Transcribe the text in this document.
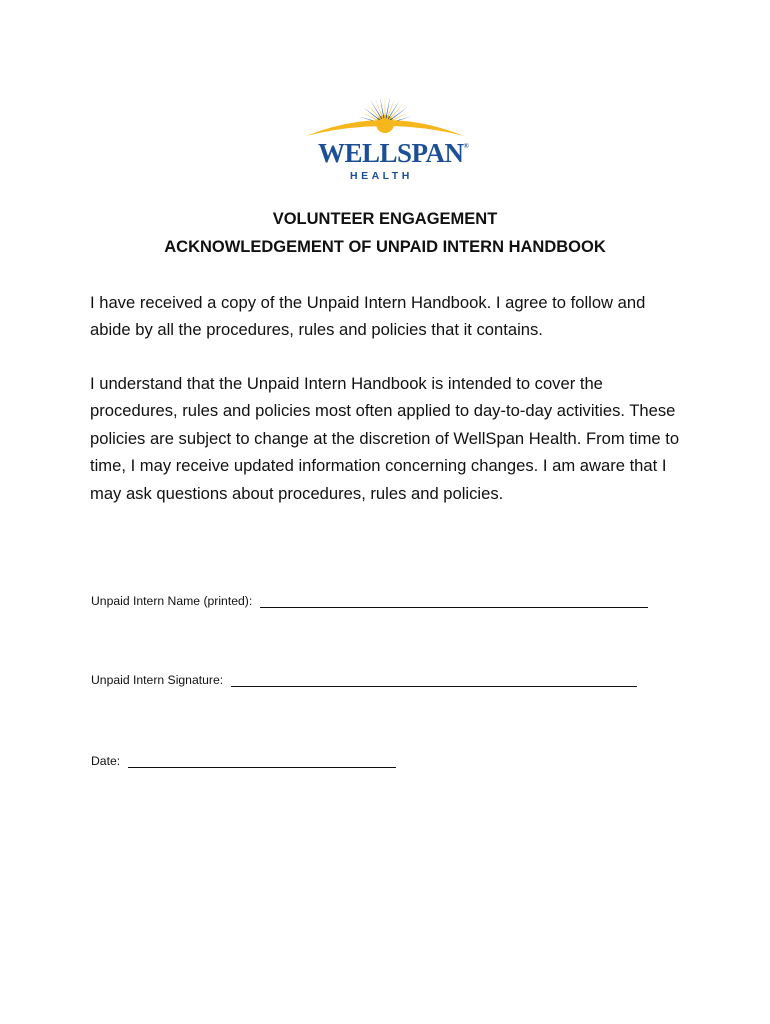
WELLSPAN®
HEALTH
VOLUNTEER ENGAGEMENT
ACKNOWLEDGEMENT OF UNPAID INTERN HANDBOOK

I have received a copy of the Unpaid Intern Handbook. I agree to follow and abide by all the procedures, rules and policies that it contains.

I understand that the Unpaid Intern Handbook is intended to cover the procedures, rules and policies most often applied to day-to-day activities. These policies are subject to change at the discretion of WellSpan Health. From time to time, I may receive updated information concerning changes. I am aware that I may ask questions about procedures, rules and policies.

Unpaid Intern Name (printed):
Unpaid Intern Signature:
Date:
